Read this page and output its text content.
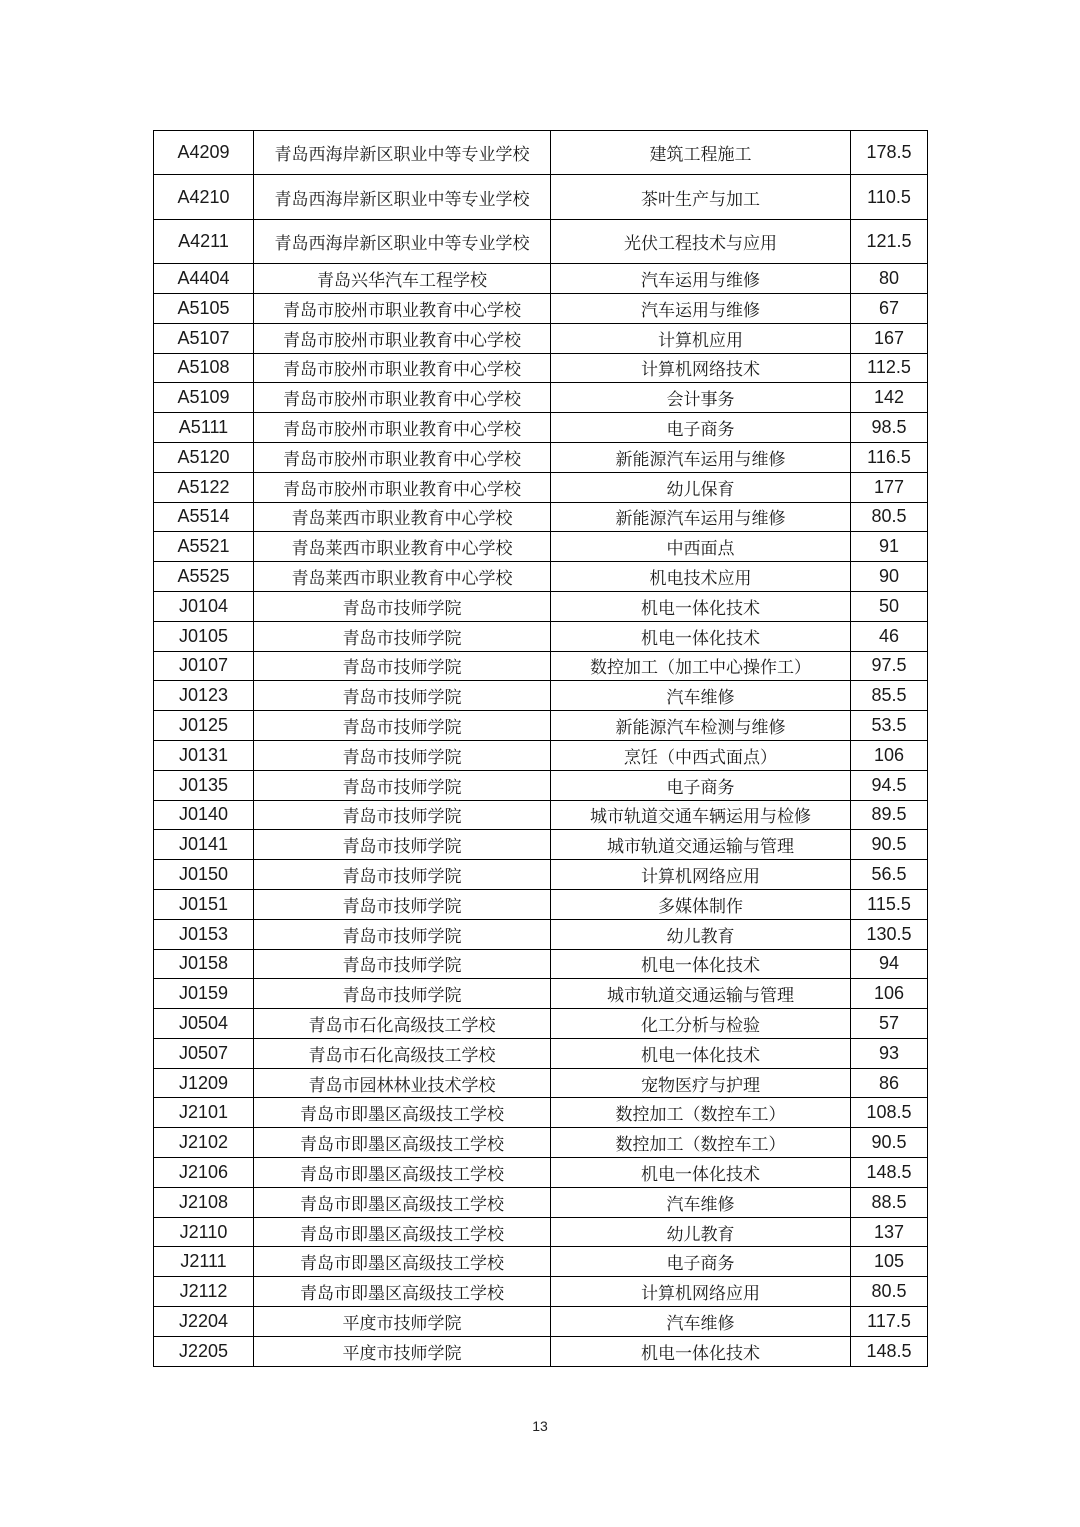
A4209	青岛西海岸新区职业中等专业学校	建筑工程施工	178.5
A4210	青岛西海岸新区职业中等专业学校	茶叶生产与加工	110.5
A4211	青岛西海岸新区职业中等专业学校	光伏工程技术与应用	121.5
A4404	青岛兴华汽车工程学校	汽车运用与维修	80
A5105	青岛市胶州市职业教育中心学校	汽车运用与维修	67
A5107	青岛市胶州市职业教育中心学校	计算机应用	167
A5108	青岛市胶州市职业教育中心学校	计算机网络技术	112.5
A5109	青岛市胶州市职业教育中心学校	会计事务	142
A5111	青岛市胶州市职业教育中心学校	电子商务	98.5
A5120	青岛市胶州市职业教育中心学校	新能源汽车运用与维修	116.5
A5122	青岛市胶州市职业教育中心学校	幼儿保育	177
A5514	青岛莱西市职业教育中心学校	新能源汽车运用与维修	80.5
A5521	青岛莱西市职业教育中心学校	中西面点	91
A5525	青岛莱西市职业教育中心学校	机电技术应用	90
J0104	青岛市技师学院	机电一体化技术	50
J0105	青岛市技师学院	机电一体化技术	46
J0107	青岛市技师学院	数控加工（加工中心操作工）	97.5
J0123	青岛市技师学院	汽车维修	85.5
J0125	青岛市技师学院	新能源汽车检测与维修	53.5
J0131	青岛市技师学院	烹饪（中西式面点）	106
J0135	青岛市技师学院	电子商务	94.5
J0140	青岛市技师学院	城市轨道交通车辆运用与检修	89.5
J0141	青岛市技师学院	城市轨道交通运输与管理	90.5
J0150	青岛市技师学院	计算机网络应用	56.5
J0151	青岛市技师学院	多媒体制作	115.5
J0153	青岛市技师学院	幼儿教育	130.5
J0158	青岛市技师学院	机电一体化技术	94
J0159	青岛市技师学院	城市轨道交通运输与管理	106
J0504	青岛市石化高级技工学校	化工分析与检验	57
J0507	青岛市石化高级技工学校	机电一体化技术	93
J1209	青岛市园林林业技术学校	宠物医疗与护理	86
J2101	青岛市即墨区高级技工学校	数控加工（数控车工）	108.5
J2102	青岛市即墨区高级技工学校	数控加工（数控车工）	90.5
J2106	青岛市即墨区高级技工学校	机电一体化技术	148.5
J2108	青岛市即墨区高级技工学校	汽车维修	88.5
J2110	青岛市即墨区高级技工学校	幼儿教育	137
J2111	青岛市即墨区高级技工学校	电子商务	105
J2112	青岛市即墨区高级技工学校	计算机网络应用	80.5
J2204	平度市技师学院	汽车维修	117.5
J2205	平度市技师学院	机电一体化技术	148.5
13
